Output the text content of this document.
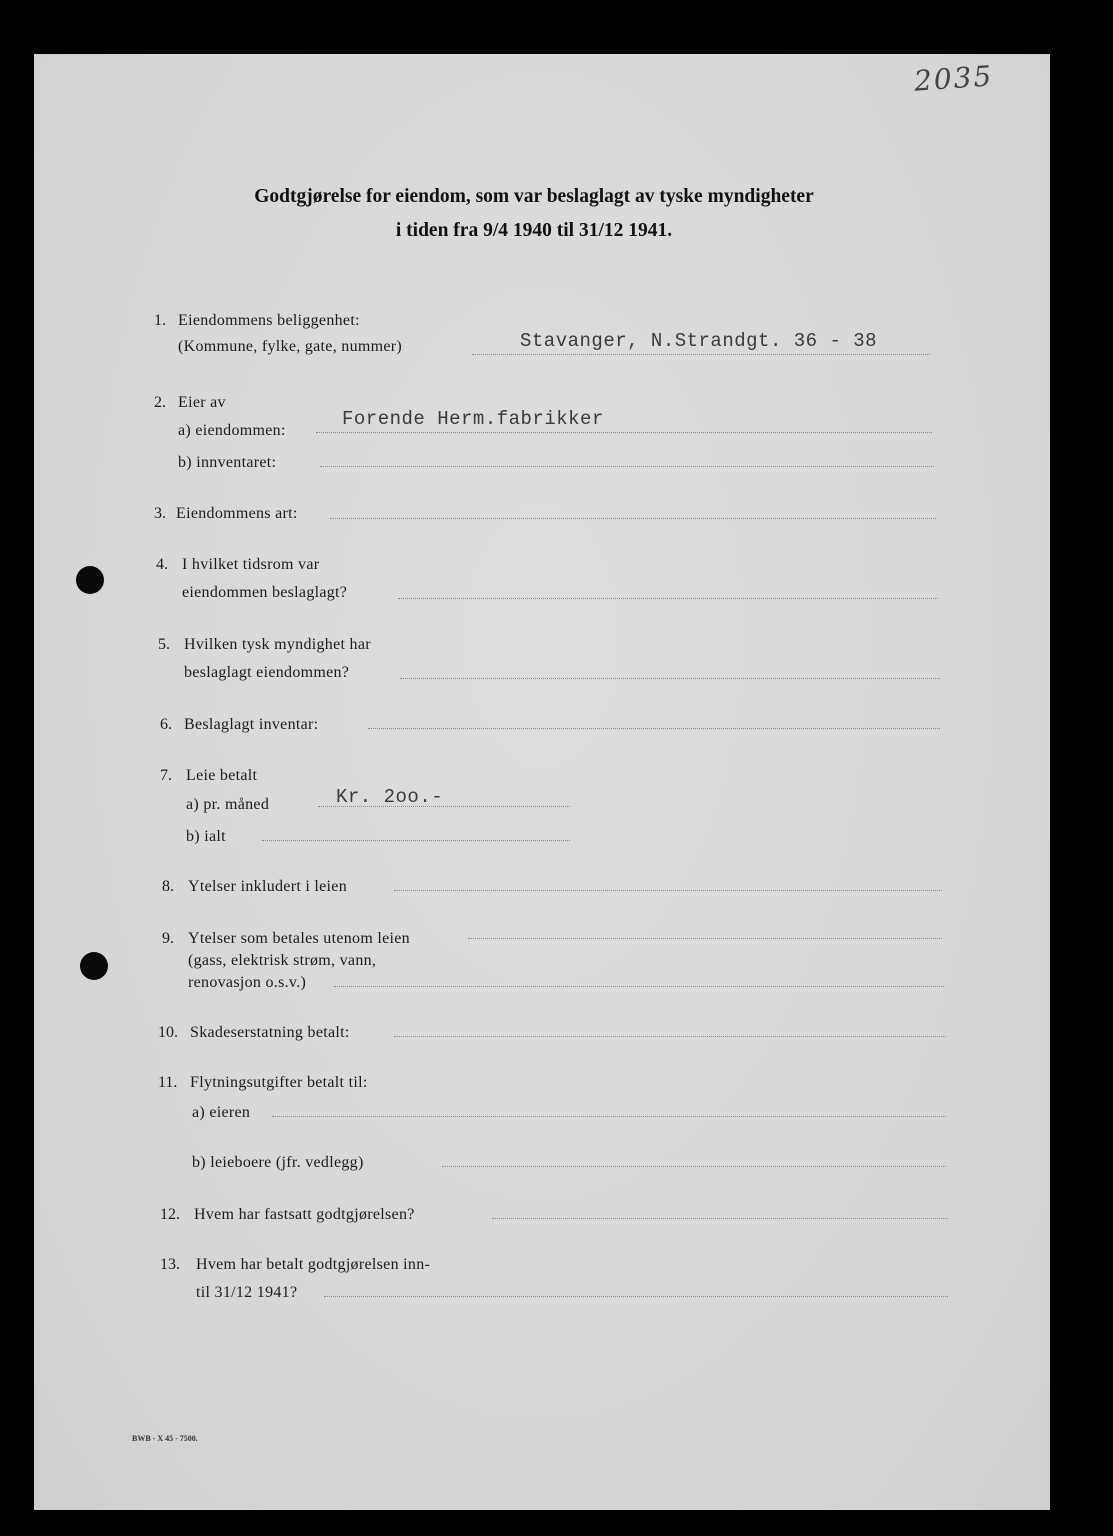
2035
Godtgjørelse for eiendom, som var beslaglagt av tyske myndigheter
i tiden fra 9/4 1940 til 31/12 1941.
1. Eiendommens beliggenhet:
(Kommune, fylke, gate, nummer)	Stavanger, N.Strandgt. 36 - 38
2. Eier av
a) eiendommen:
Forende Herm.fabrikker
b) innventaret:
3. Eiendommens art:
4. I hvilket tidsrom var
eiendommen beslaglagt?
5. Hvilken tysk myndighet har
beslaglagt eiendommen?
6. Beslaglagt inventar:
7. Leie betalt
a) pr. måned	Kr. 2oo.-
b) ialt
8. Ytelser inkludert i leien
9. Ytelser som betales utenom leien
(gass, elektrisk strøm, vann,
renovasjon o.s.v.)
10. Skadeserstatning betalt:
11. Flytningsutgifter betalt til:
a) eieren
b) leieboere (jfr. vedlegg)
12. Hvem har fastsatt godtgjørelsen?
13. Hvem har betalt godtgjørelsen inn-
til 31/12 1941?
BWB - X 45 - 7500.
